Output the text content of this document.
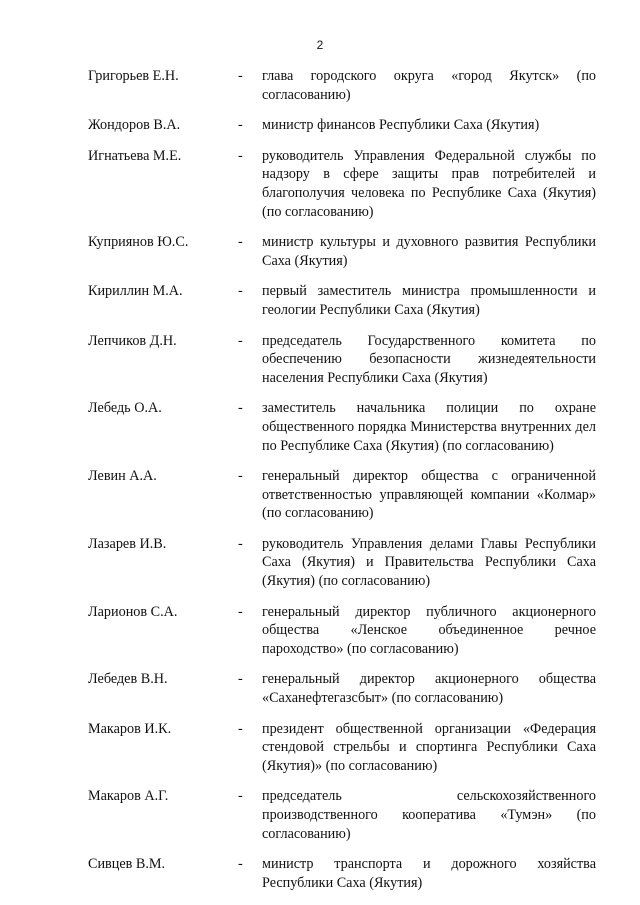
2
Григорьев Е.Н.	-	глава городского округа «город Якутск» (по согласованию)
Жондоров В.А.	-	министр финансов Республики Саха (Якутия)
Игнатьева М.Е.	-	руководитель Управления Федеральной службы по надзору в сфере защиты прав потребителей и благополучия человека по Республике Саха (Якутия) (по согласованию)
Куприянов Ю.С.	-	министр культуры и духовного развития Республики Саха (Якутия)
Кириллин М.А.	-	первый заместитель министра промышленности и геологии Республики Саха (Якутия)
Лепчиков Д.Н.	-	председатель Государственного комитета по обеспечению безопасности жизнедеятельности населения Республики Саха (Якутия)
Лебедь О.А.	-	заместитель начальника полиции по охране общественного порядка Министерства внутренних дел по Республике Саха (Якутия) (по согласованию)
Левин А.А.	-	генеральный директор общества с ограниченной ответственностью управляющей компании «Колмар» (по согласованию)
Лазарев И.В.	-	руководитель Управления делами Главы Республики Саха (Якутия) и Правительства Республики Саха (Якутия) (по согласованию)
Ларионов С.А.	-	генеральный директор публичного акционерного общества «Ленское объединенное речное пароходство» (по согласованию)
Лебедев В.Н.	-	генеральный директор акционерного общества «Саханефтегазсбыт» (по согласованию)
Макаров И.К.	-	президент общественной организации «Федерация стендовой стрельбы и спортинга Республики Саха (Якутия)» (по согласованию)
Макаров А.Г.	-	председатель сельскохозяйственного производственного кооператива «Тумэн» (по согласованию)
Сивцев В.М.	-	министр транспорта и дорожного хозяйства Республики Саха (Якутия)
